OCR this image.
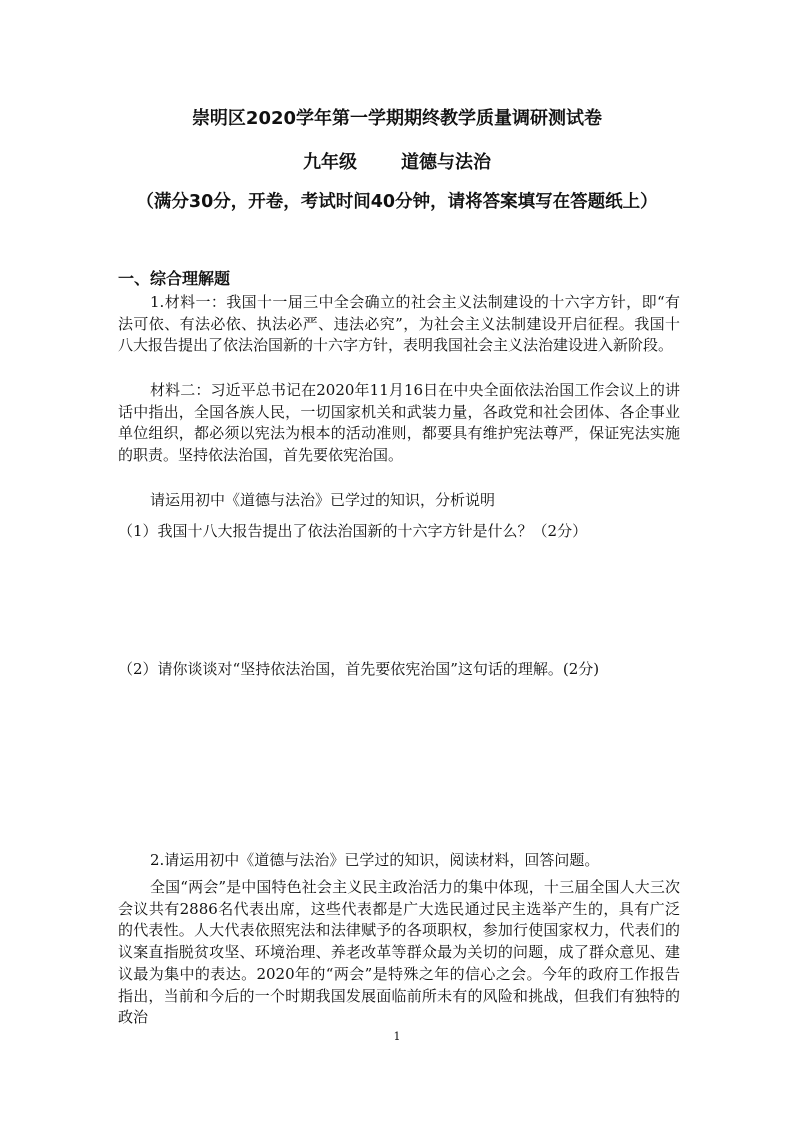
崇明区2020学年第一学期期终教学质量调研测试卷
九年级 道德与法治
（满分30分，开卷，考试时间40分钟，请将答案填写在答题纸上）
一、综合理解题
1.材料一：我国十一届三中全会确立的社会主义法制建设的十六字方针，即“有法可依、有法必依、执法必严、违法必究”，为社会主义法制建设开启征程。我国十八大报告提出了依法治国新的十六字方针，表明我国社会主义法治建设进入新阶段。
材料二：习近平总书记在2020年11月16日在中央全面依法治国工作会议上的讲话中指出，全国各族人民，一切国家机关和武装力量，各政党和社会团体、各企事业单位组织，都必须以宪法为根本的活动准则，都要具有维护宪法尊严，保证宪法实施的职责。坚持依法治国，首先要依宪治国。
请运用初中《道德与法治》已学过的知识，分析说明
（1）我国十八大报告提出了依法治国新的十六字方针是什么？（2分）
（2）请你谈谈对“坚持依法治国，首先要依宪治国”这句话的理解。(2分)
2.请运用初中《道德与法治》已学过的知识，阅读材料，回答问题。
全国“两会”是中国特色社会主义民主政治活力的集中体现，十三届全国人大三次会议共有2886名代表出席，这些代表都是广大选民通过民主选举产生的，具有广泛的代表性。人大代表依照宪法和法律赋予的各项职权，参加行使国家权力，代表们的议案直指脱贫攻坚、环境治理、养老改革等群众最为关切的问题，成了群众意见、建议最为集中的表达。2020年的“两会”是特殊之年的信心之会。今年的政府工作报告指出，当前和今后的一个时期我国发展面临前所未有的风险和挑战，但我们有独特的政治
1
